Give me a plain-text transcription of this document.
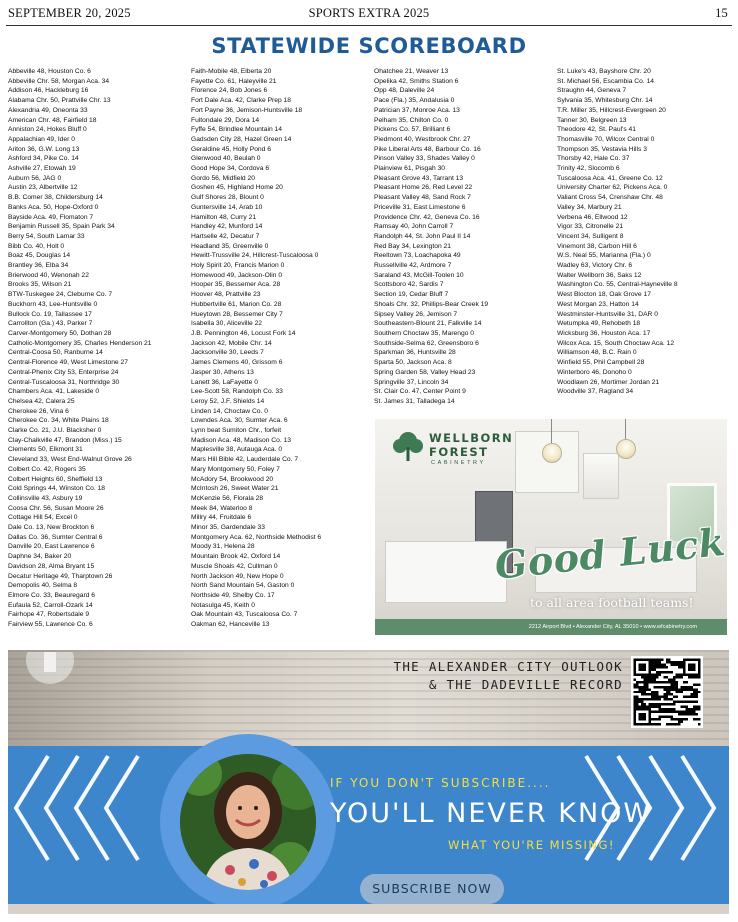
SEPTEMBER 20, 2025	SPORTS EXTRA 2025	15
STATEWIDE SCOREBOARD
Abbeville 48, Houston Co. 6
Abbeville Chr. 58, Morgan Aca. 34
Addison 46, Hackleburg 16
Alabama Chr. 50, Prattville Chr. 13
Alexandria 49, Oneonta 33
American Chr. 48, Fairfield 18
Anniston 24, Hokes Bluff 0
Appalachian 49, Ider 0
Ariton 36, G.W. Long 13
Ashford 34, Pike Co. 14
Ashville 27, Etowah 19
Auburn 56, JAG 0
Austin 23, Albertville 12
B.B. Comer 38, Childersburg 14
Banks Aca. 50, Hope-Oxford 0
Bayside Aca. 49, Flomaton 7
Benjamin Russell 35, Spain Park 34
Berry 54, South Lamar 33
Bibb Co. 40, Holt 0
Boaz 45, Douglas 14
Brantley 36, Elba 34
Brierwood 40, Wenonah 22
Brooks 35, Wilson 21
BTW-Tuskegee 24, Cleburne Co. 7
Buckhorn 43, Lee-Huntsville 0
Bullock Co. 19, Tallassee 17
Carrollton (Ga.) 43, Parker 7
Carver-Montgomery 50, Dothan 28
Catholic-Montgomery 35, Charles Henderson 21
Central-Coosa 50, Ranburne 14
Central-Florence 49, West Limestone 27
Central-Phenix City 53, Enterprise 24
Central-Tuscaloosa 31, Northridge 30
Chambers Aca. 41, Lakeside 0
Chelsea 42, Calera 25
Cherokee 26, Vina 6
Cherokee Co. 34, White Plains 18
Clarke Co. 21, J.U. Blacksher 0
Clay-Chalkville 47, Brandon (Miss.) 15
Clements 50, Elkmont 31
Cleveland 33, West End-Walnut Grove 26
Colbert Co. 42, Rogers 35
Colbert Heights 60, Sheffield 13
Cold Springs 44, Winston Co. 18
Collinsville 43, Asbury 19
Coosa Chr. 56, Susan Moore 26
Cottage Hill 54, Excel 0
Dale Co. 13, New Brockton 6
Dallas Co. 36, Sumter Central 6
Danville 20, East Lawrence 6
Daphne 34, Baker 20
Davidson 28, Alma Bryant 15
Decatur Heritage 49, Tharptown 26
Demopolis 40, Selma 8
Elmore Co. 33, Beauregard 6
Eufaula 52, Carroll-Ozark 14
Fairhope 47, Robertsdale 9
Fairview 55, Lawrence Co. 6
Faith-Mobile 48, Elberta 20
Fayette Co. 61, Haleyville 21
Florence 24, Bob Jones 6
Fort Dale Aca. 42, Clarke Prep 18
Fort Payne 36, Jemison-Huntsville 18
Fultondale 29, Dora 14
Fyffe 54, Brindlee Mountain 14
Gadsden City 28, Hazel Green 14
Geraldine 45, Holly Pond 6
Glenwood 40, Beulah 0
Good Hope 34, Cordova 6
Gordo 56, Midfield 20
Goshen 45, Highland Home 20
Gulf Shores 28, Blount 0
Guntersville 14, Arab 10
Hamilton 48, Curry 21
Handley 42, Munford 14
Hartselle 42, Decatur 7
Headland 35, Greenville 0
Hewitt-Trussville 24, Hillcrest-Tuscaloosa 0
Holy Spirit 20, Francis Marion 0
Homewood 49, Jackson-Olin 0
Hooper 35, Bessemer Aca. 28
Hoover 48, Prattville 23
Hubbertville 61, Marion Co. 28
Hueytown 28, Bessemer City 7
Isabella 30, Aliceville 22
J.B. Pennington 46, Locust Fork 14
Jackson 42, Mobile Chr. 14
Jacksonville 30, Leeds 7
James Clemens 40, Grissom 6
Jasper 30, Athens 13
Lanett 36, LaFayette 0
Lee-Scott 58, Randolph Co. 33
Leroy 52, J.F. Shields 14
Linden 14, Choctaw Co. 0
Lowndes Aca. 30, Sumter Aca. 6
Lynn beat Sumiton Chr., forfeit
Madison Aca. 48, Madison Co. 13
Maplesville 38, Autauga Aca. 0
Mars Hill Bible 42, Lauderdale Co. 7
Mary Montgomery 50, Foley 7
McAdory 54, Brookwood 20
McIntosh 26, Sweet Water 21
McKenzie 56, Florala 28
Meek 84, Waterloo 8
Millry 44, Fruitdale 6
Minor 35, Gardendale 33
Montgomery Aca. 62, Northside Methodist 6
Moody 31, Helena 28
Mountain Brook 42, Oxford 14
Muscle Shoals 42, Cullman 0
North Jackson 49, New Hope 0
North Sand Mountain 54, Gaston 0
Northside 49, Shelby Co. 17
Notasulga 45, Keith 0
Oak Mountain 43, Tuscaloosa Co. 7
Oakman 62, Hanceville 13
Ohatchee 21, Weaver 13
Opelika 42, Smiths Station 6
Opp 48, Daleville 24
Pace (Fla.) 35, Andalusia 0
Patrician 37, Monroe Aca. 13
Pelham 35, Chilton Co. 0
Pickens Co. 57, Brilliant 6
Piedmont 40, Westbrook Chr. 27
Pike Liberal Arts 48, Barbour Co. 16
Pinson Valley 33, Shades Valley 0
Plainview 61, Pisgah 30
Pleasant Grove 43, Tarrant 13
Pleasant Home 26, Red Level 22
Pleasant Valley 48, Sand Rock 7
Priceville 31, East Limestone 6
Providence Chr. 42, Geneva Co. 16
Ramsay 40, John Carroll 7
Randolph 44, St. John Paul II 14
Red Bay 34, Lexington 21
Reeltown 73, Loachapoka 49
Russellville 42, Ardmore 7
Saraland 43, McGill-Toolen 10
Scottsboro 42, Sardis 7
Section 19, Cedar Bluff 7
Shoals Chr. 32, Phillips-Bear Creek 19
Sipsey Valley 26, Jemison 7
Southeastern-Blount 21, Falkville 14
Southern Choctaw 35, Marengo 0
Southside-Selma 62, Greensboro 6
Sparkman 36, Huntsville 28
Sparta 50, Jackson Aca. 8
Spring Garden 58, Valley Head 23
Springville 37, Lincoln 34
St. Clair Co. 47, Center Point 9
St. James 31, Talladega 14
St. Luke's 43, Bayshore Chr. 20
St. Michael 56, Escambia Co. 14
Straughn 44, Geneva 7
Sylvania 35, Whitesburg Chr. 14
T.R. Miller 35, Hillcrest-Evergreen 20
Tanner 30, Belgreen 13
Theodore 42, St. Paul's 41
Thomasville 70, Wilcox Central 0
Thompson 35, Vestavia Hills 3
Thorsby 42, Hale Co. 37
Trinity 42, Slocomb 6
Tuscaloosa Aca. 41, Greene Co. 12
University Charter 62, Pickens Aca. 0
Valiant Cross 54, Crenshaw Chr. 48
Valley 34, Marbury 21
Verbena 46, Ellwood 12
Vigor 33, Citronelle 21
Vincent 34, Sulligent 8
Vinemont 38, Carbon Hill 6
W.S. Neal 55, Marianna (Fla.) 0
Wadley 63, Victory Chr. 6
Walter Wellborn 36, Saks 12
Washington Co. 55, Central-Hayneville 8
West Blocton 18, Oak Grove 17
West Morgan 23, Hatton 14
Westminster-Huntsville 31, DAR 0
Wetumpka 49, Rehobeth 18
Wicksburg 36, Houston Aca. 17
Wilcox Aca. 15, South Choctaw Aca. 12
Williamson 48, B.C. Rain 0
Winfield 55, Phil Campbell 28
Winterboro 46, Donoho 0
Woodlawn 26, Mortimer Jordan 21
Woodville 37, Ragland 34
WELLBORN
FOREST
CABINETRY
Good Luck
to all area football teams!
2212 Airport Blvd • Alexander City, AL 35010 • www.wfcabinetry.com
THE ALEXANDER CITY OUTLOOK
& THE DADEVILLE RECORD
IF YOU DON'T SUBSCRIBE....
YOU'LL NEVER KNOW
WHAT YOU'RE MISSING!
SUBSCRIBE NOW
